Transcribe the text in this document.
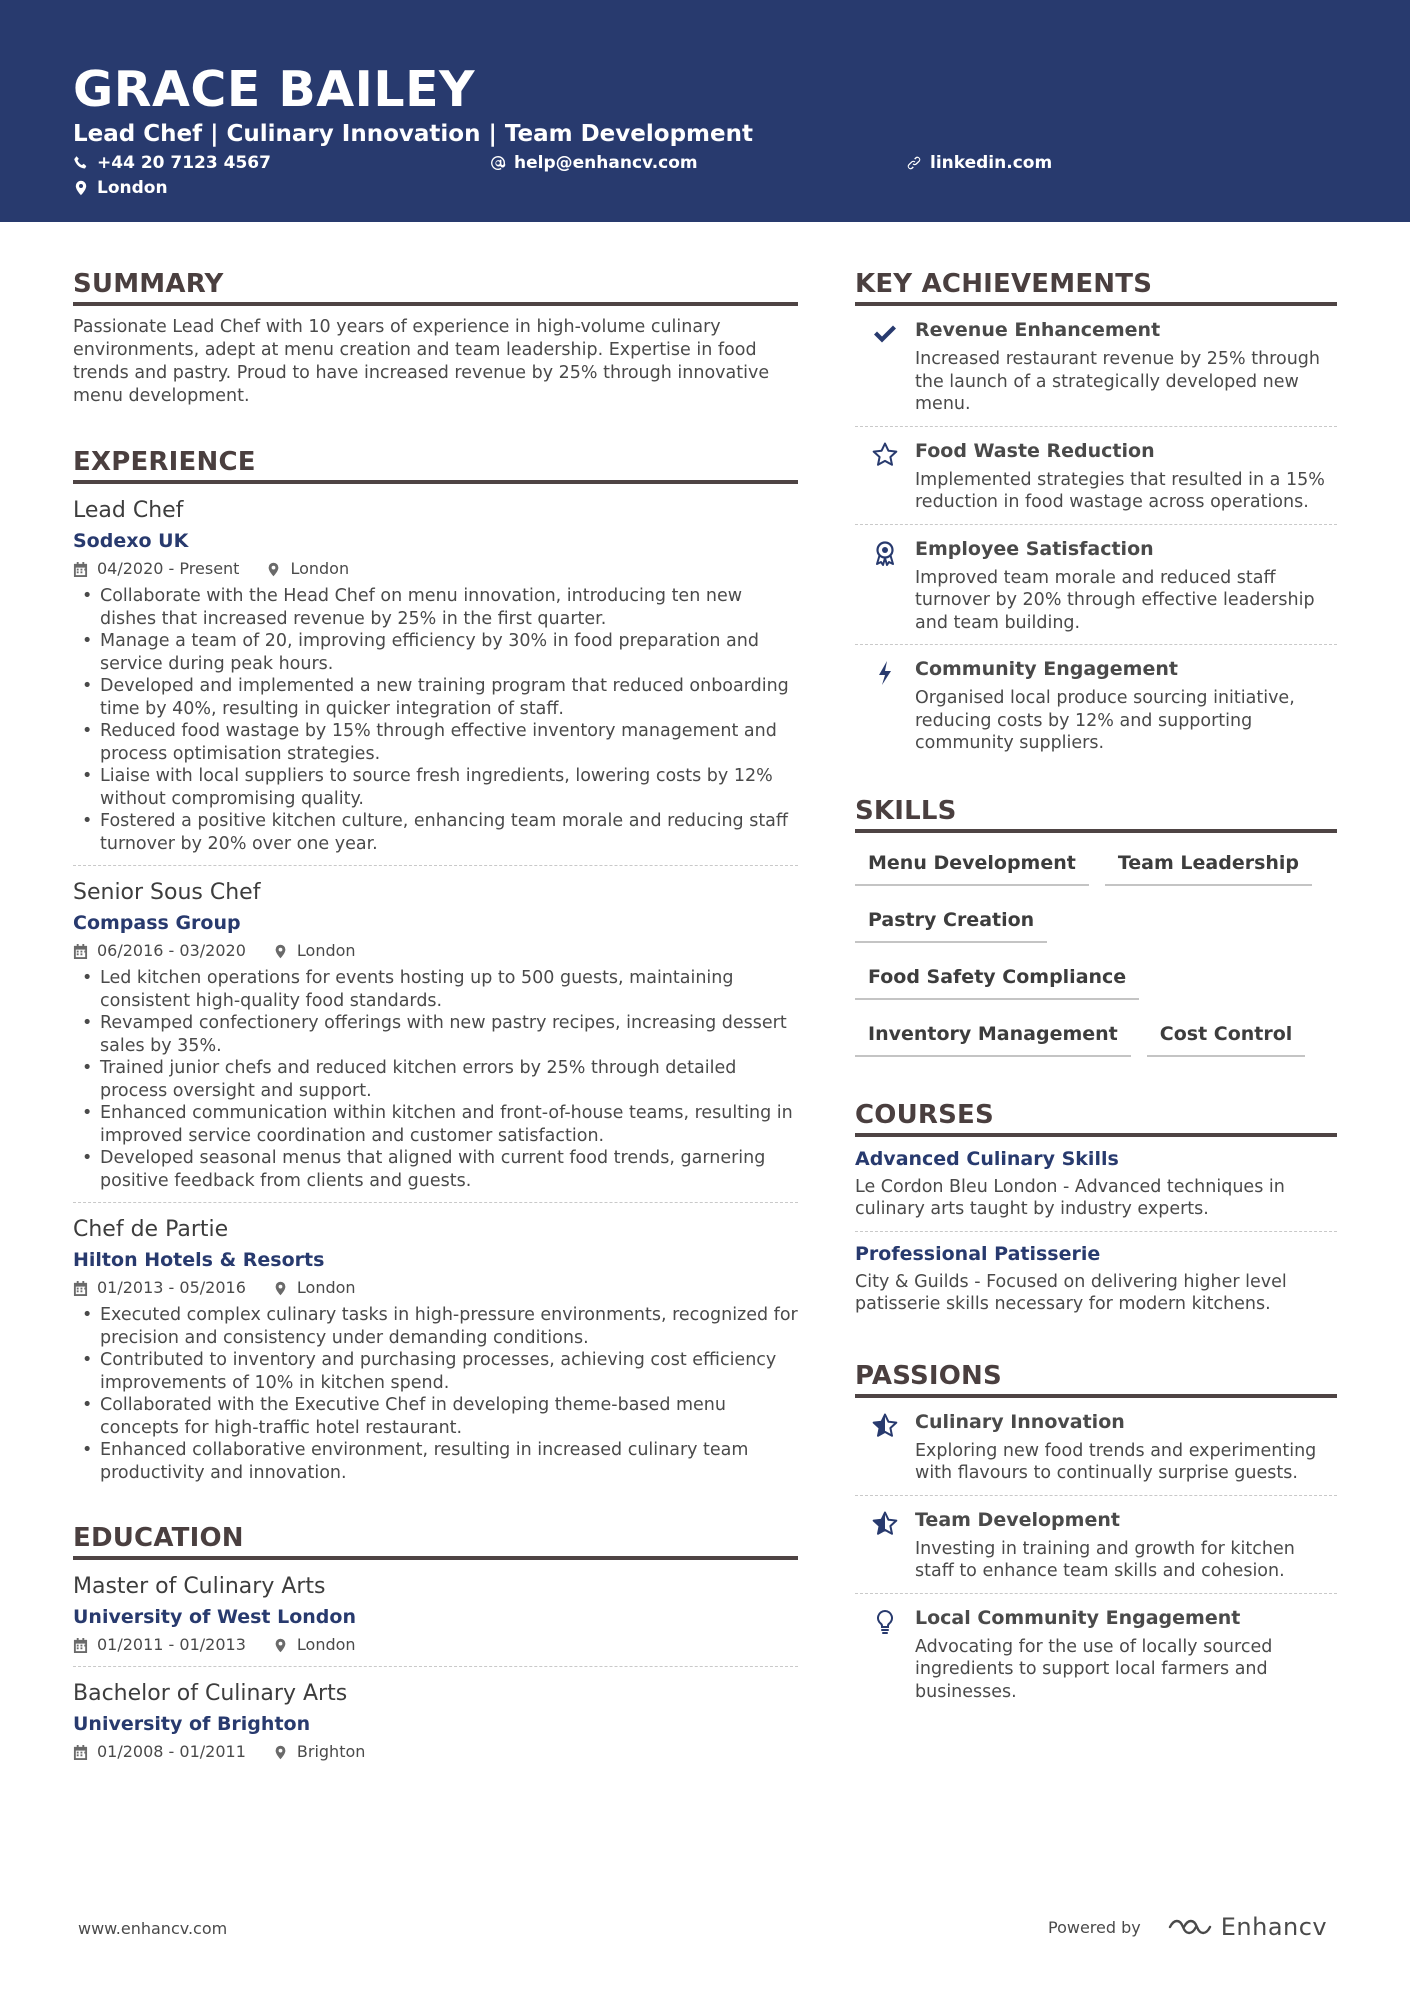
GRACE BAILEY
Lead Chef | Culinary Innovation | Team Development
+44 20 7123 4567	help@enhancv.com	linkedin.com
London
SUMMARY

Passionate Lead Chef with 10 years of experience in high-volume culinary environments, adept at menu creation and team leadership. Expertise in food trends and pastry. Proud to have increased revenue by 25% through innovative menu development.

EXPERIENCE
Lead Chef
Sodexo UK
04/2020 - Present	London
• Collaborate with the Head Chef on menu innovation, introducing ten new dishes that increased revenue by 25% in the first quarter.
• Manage a team of 20, improving efficiency by 30% in food preparation and service during peak hours.
• Developed and implemented a new training program that reduced onboarding time by 40%, resulting in quicker integration of staff.
• Reduced food wastage by 15% through effective inventory management and process optimisation strategies.
• Liaise with local suppliers to source fresh ingredients, lowering costs by 12% without compromising quality.
• Fostered a positive kitchen culture, enhancing team morale and reducing staff turnover by 20% over one year.
Senior Sous Chef
Compass Group
06/2016 - 03/2020	London
• Led kitchen operations for events hosting up to 500 guests, maintaining consistent high-quality food standards.
• Revamped confectionery offerings with new pastry recipes, increasing dessert sales by 35%.
• Trained junior chefs and reduced kitchen errors by 25% through detailed process oversight and support.
• Enhanced communication within kitchen and front-of-house teams, resulting in improved service coordination and customer satisfaction.
• Developed seasonal menus that aligned with current food trends, garnering positive feedback from clients and guests.
Chef de Partie
Hilton Hotels & Resorts
01/2013 - 05/2016	London
• Executed complex culinary tasks in high-pressure environments, recognized for precision and consistency under demanding conditions.
• Contributed to inventory and purchasing processes, achieving cost efficiency improvements of 10% in kitchen spend.
• Collaborated with the Executive Chef in developing theme-based menu concepts for high-traffic hotel restaurant.
• Enhanced collaborative environment, resulting in increased culinary team productivity and innovation.
EDUCATION
Master of Culinary Arts
University of West London
01/2011 - 01/2013	London
Bachelor of Culinary Arts
University of Brighton
01/2008 - 01/2011	Brighton
KEY ACHIEVEMENTS
Revenue Enhancement
Increased restaurant revenue by 25% through the launch of a strategically developed new menu.
Food Waste Reduction
Implemented strategies that resulted in a 15% reduction in food wastage across operations.
Employee Satisfaction
Improved team morale and reduced staff turnover by 20% through effective leadership and team building.
Community Engagement
Organised local produce sourcing initiative, reducing costs by 12% and supporting community suppliers.
SKILLS
Menu Development	Team Leadership
Pastry Creation
Food Safety Compliance
Inventory Management	Cost Control
COURSES
Advanced Culinary Skills
Le Cordon Bleu London - Advanced techniques in culinary arts taught by industry experts.
Professional Patisserie
City & Guilds - Focused on delivering higher level patisserie skills necessary for modern kitchens.
PASSIONS
Culinary Innovation
Exploring new food trends and experimenting with flavours to continually surprise guests.
Team Development
Investing in training and growth for kitchen staff to enhance team skills and cohesion.
Local Community Engagement
Advocating for the use of locally sourced ingredients to support local farmers and businesses.
www.enhancv.com	Powered by	Enhancv
